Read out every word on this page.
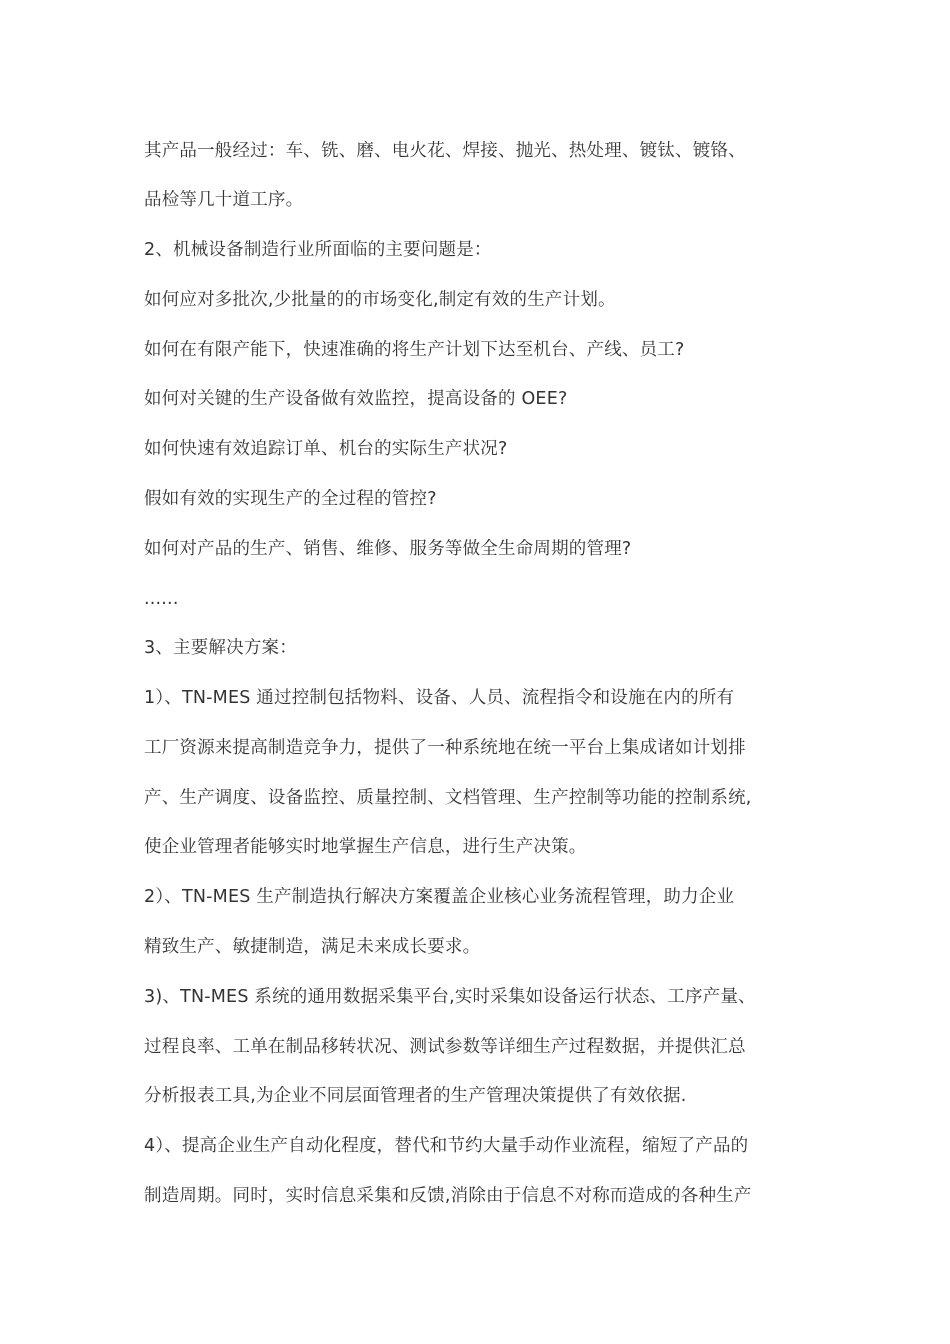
其产品一般经过：车、铣、磨、电火花、焊接、抛光、热处理、镀钛、镀铬、
品检等几十道工序。
2、机械设备制造行业所面临的主要问题是：
如何应对多批次,少批量的的市场变化,制定有效的生产计划。
如何在有限产能下，快速准确的将生产计划下达至机台、产线、员工?
如何对关键的生产设备做有效监控，提高设备的 OEE?
如何快速有效追踪订单、机台的实际生产状况?
假如有效的实现生产的全过程的管控?
如何对产品的生产、销售、维修、服务等做全生命周期的管理?
......
3、主要解决方案：
1）、TN-MES 通过控制包括物料、设备、人员、流程指令和设施在内的所有
工厂资源来提高制造竞争力，提供了一种系统地在统一平台上集成诸如计划排
产、生产调度、设备监控、质量控制、文档管理、生产控制等功能的控制系统,
使企业管理者能够实时地掌握生产信息，进行生产决策。
2）、TN-MES 生产制造执行解决方案覆盖企业核心业务流程管理，助力企业
精致生产、敏捷制造，满足未来成长要求。
3)、TN-MES 系统的通用数据采集平台,实时采集如设备运行状态、工序产量、
过程良率、工单在制品移转状况、测试参数等详细生产过程数据，并提供汇总
分析报表工具,为企业不同层面管理者的生产管理决策提供了有效依据.
4）、提高企业生产自动化程度，替代和节约大量手动作业流程，缩短了产品的
制造周期。同时，实时信息采集和反馈,消除由于信息不对称而造成的各种生产
